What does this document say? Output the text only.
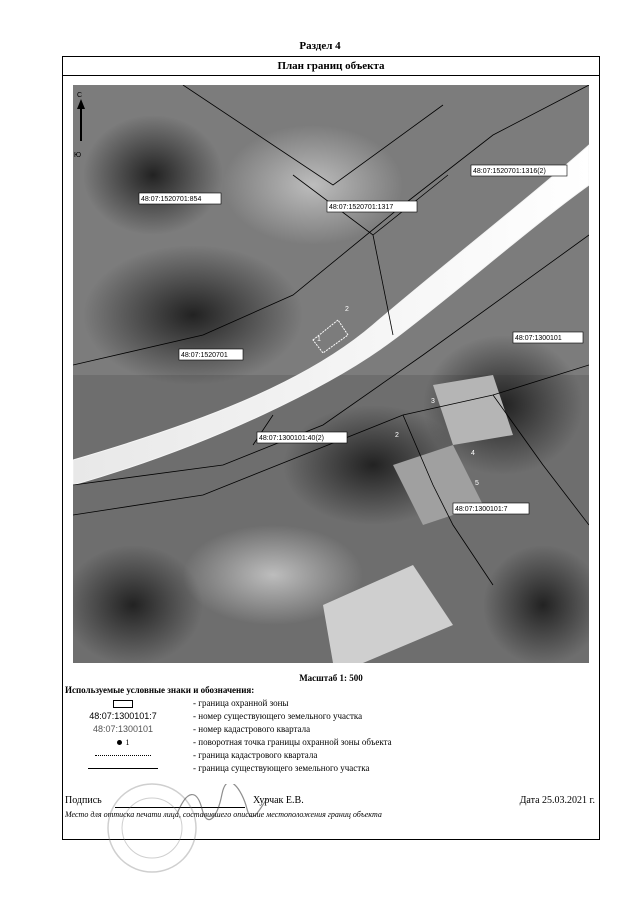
Раздел 4
План границ объекта
С
Ю
48:07:1520701:1316(2)
48:07:1520701:854
48:07:1520701:1317
48:07:1300101
48:07:1520701
48:07:1300101:40(2)
48:07:1300101:7
1
2
3
4
5
2
Масштаб 1: 500
Используемые условные знаки и обозначения:
- граница охранной зоны
48:07:1300101:7	- номер существующего земельного участка
48:07:1300101	- номер кадастрового квартала
1	- поворотная точка границы охранной зоны объекта
- граница кадастрового квартала
- граница существующего земельного участка
Подпись	Хурчак Е.В.	Дата 25.03.2021 г.
Место для оттиска печати лица, составившего описание местоположения границ объекта
